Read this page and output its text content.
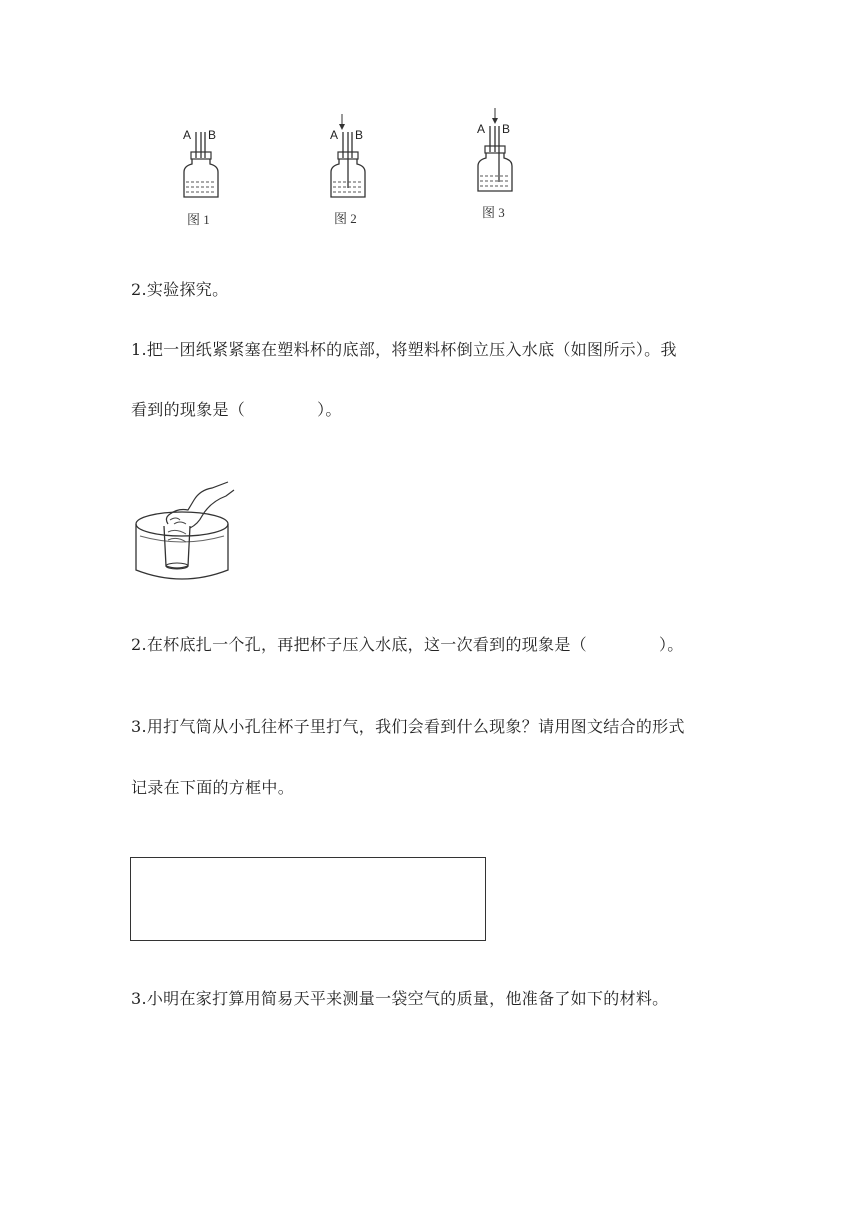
A B
图 1
A B
图 2
A B
图 3
2.实验探究。
1.把一团纸紧紧塞在塑料杯的底部，将塑料杯倒立压入水底（如图所示）。我
看到的现象是（	）。
2.在杯底扎一个孔，再把杯子压入水底，这一次看到的现象是（	）。
3.用打气筒从小孔往杯子里打气，我们会看到什么现象？请用图文结合的形式
记录在下面的方框中。
3.小明在家打算用简易天平来测量一袋空气的质量，他准备了如下的材料。
